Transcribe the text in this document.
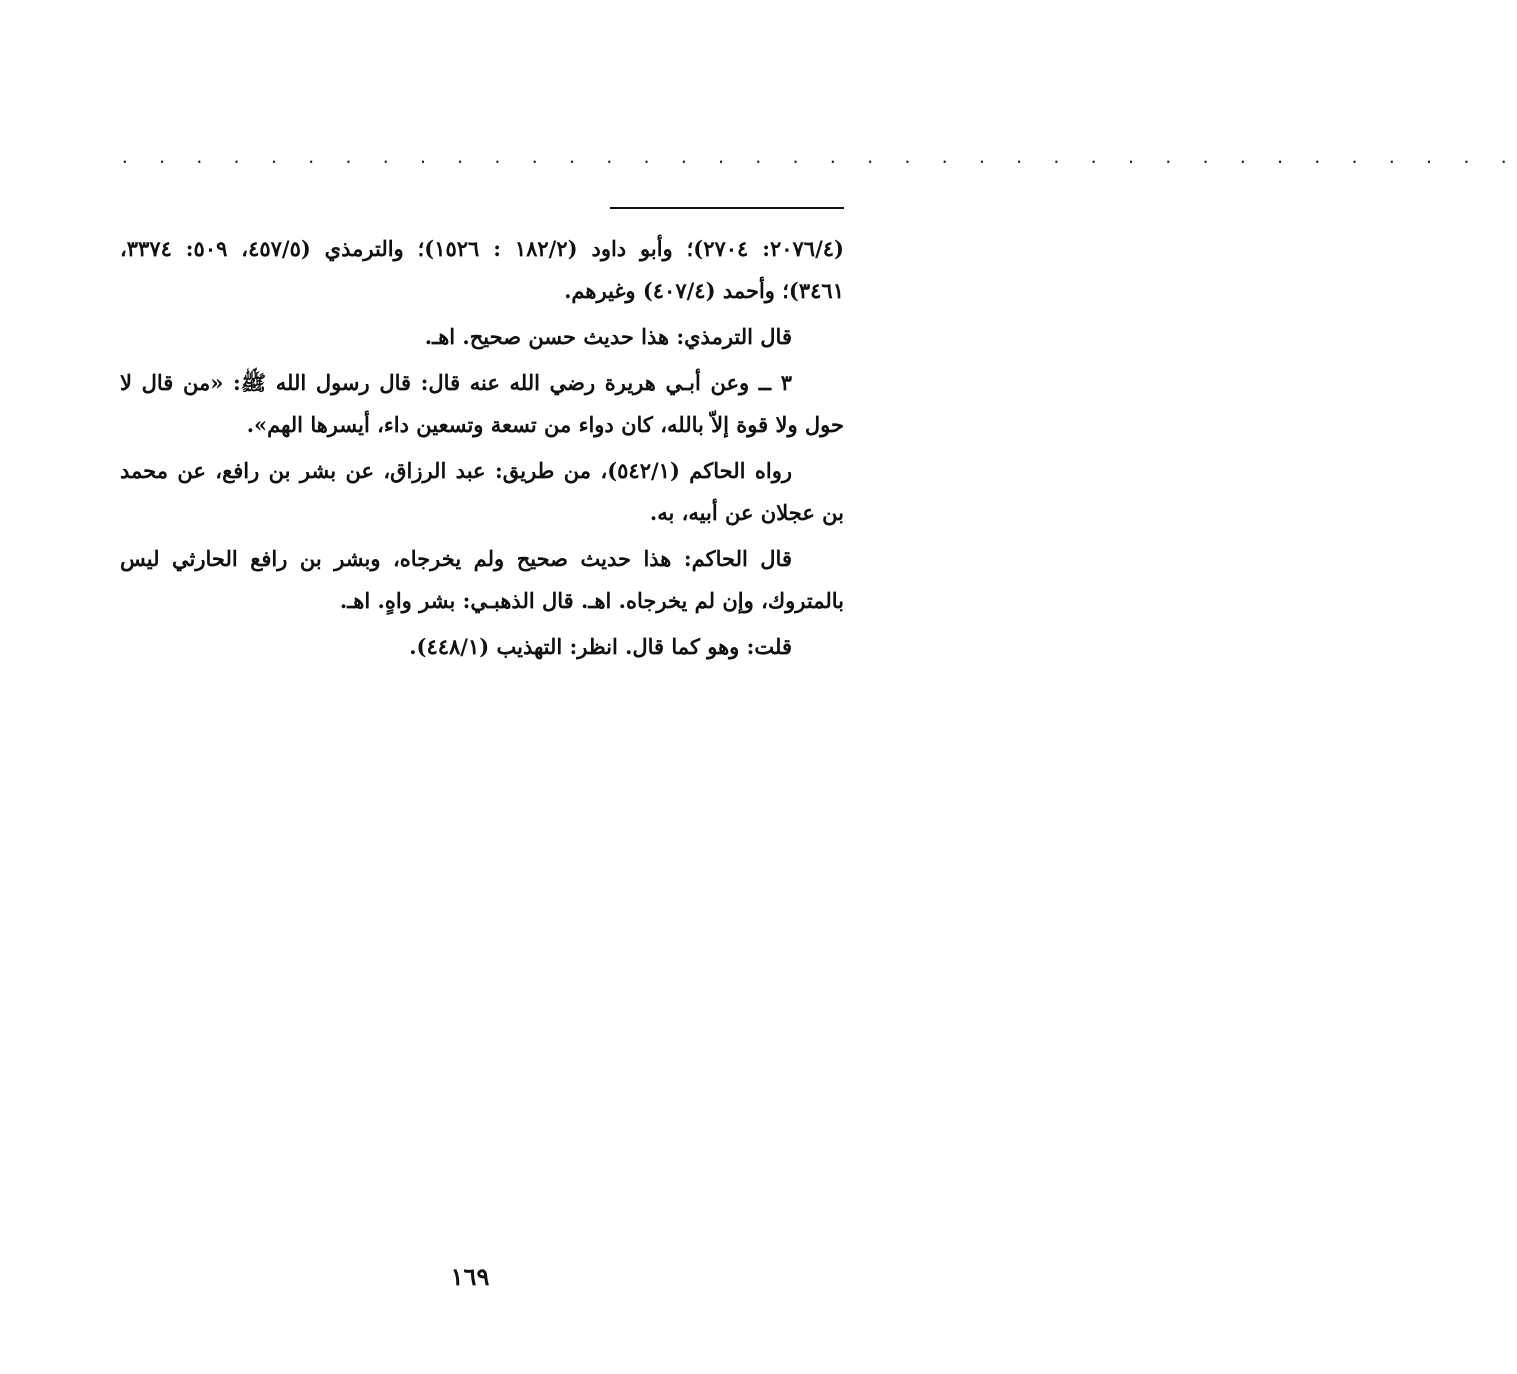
. . . . . . . . . . . . . . . . . . . . . . . . . . . . . . . . . . . . . .

(٢٠٧٦/٤: ٢٧٠٤)؛ وأبو داود (١٨٢/٢ : ١٥٢٦)؛ والترمذي (٤٥٧/٥، ٥٠٩: ٣٣٧٤، ٣٤٦١)؛ وأحمد (٤٠٧/٤) وغيرهم.

قال الترمذي: هذا حديث حسن صحيح. اهـ.

٣ ــ وعن أبـي هريرة رضي الله عنه قال: قال رسول الله ﷺ: «من قال لا حول ولا قوة إلاّ بالله، كان دواء من تسعة وتسعين داء، أيسرها الهم».

رواه الحاكم (٥٤٢/١)، من طريق: عبد الرزاق، عن بشر بن رافع، عن محمد بن عجلان عن أبيه، به.

قال الحاكم: هذا حديث صحيح ولم يخرجاه، وبشر بن رافع الحارثي ليس بالمتروك، وإن لم يخرجاه. اهـ. قال الذهبـي: بشر واهٍ. اهـ.

قلت: وهو كما قال. انظر: التهذيب (٤٤٨/١).

١٦٩
